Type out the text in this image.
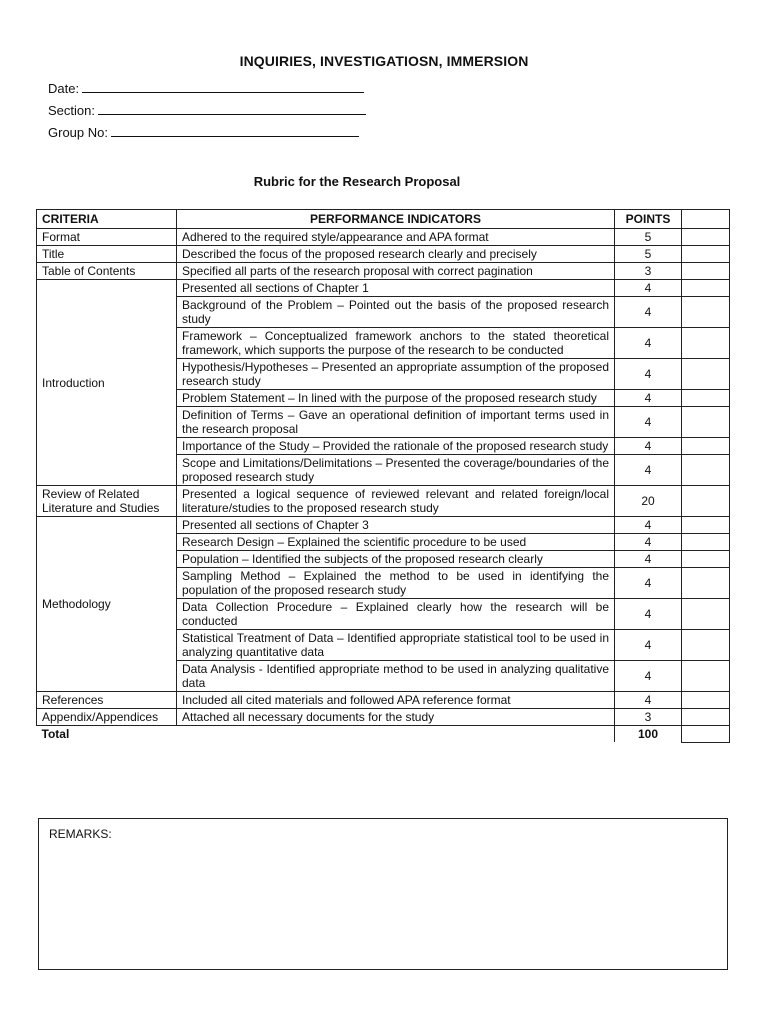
INQUIRIES, INVESTIGATIOSN, IMMERSION
Date:
Section:
Group No:
Rubric for the Research Proposal
CRITERIA	PERFORMANCE INDICATORS	POINTS	
Format	Adhered to the required style/appearance and APA format	5	
Title	Described the focus of the proposed research clearly and precisely	5	
Table of Contents	Specified all parts of the research proposal with correct pagination	3	
Introduction	Presented all sections of Chapter 1	4	
	Background of the Problem – Pointed out the basis of the proposed research study	4	
	Framework – Conceptualized framework anchors to the stated theoretical framework, which supports the purpose of the research to be conducted	4	
	Hypothesis/Hypotheses – Presented an appropriate assumption of the proposed research study	4	
	Problem Statement – In lined with the purpose of the proposed research study	4	
	Definition of Terms – Gave an operational definition of important terms used in the research proposal	4	
	Importance of the Study – Provided the rationale of the proposed research study	4	
	Scope and Limitations/Delimitations – Presented the coverage/boundaries of the proposed research study	4	
Review of Related Literature and Studies	Presented a logical sequence of reviewed relevant and related foreign/local literature/studies to the proposed research study	20	
Methodology	Presented all sections of Chapter 3	4	
	Research Design – Explained the scientific procedure to be used	4	
	Population – Identified the subjects of the proposed research clearly	4	
	Sampling Method – Explained the method to be used in identifying the population of the proposed research study	4	
	Data Collection Procedure – Explained clearly how the research will be conducted	4	
	Statistical Treatment of Data – Identified appropriate statistical tool to be used in analyzing quantitative data	4	
	Data Analysis - Identified appropriate method to be used in analyzing qualitative data	4	
References	Included all cited materials and followed APA reference format	4	
Appendix/Appendices	Attached all necessary documents for the study	3	
Total		100	
REMARKS:
